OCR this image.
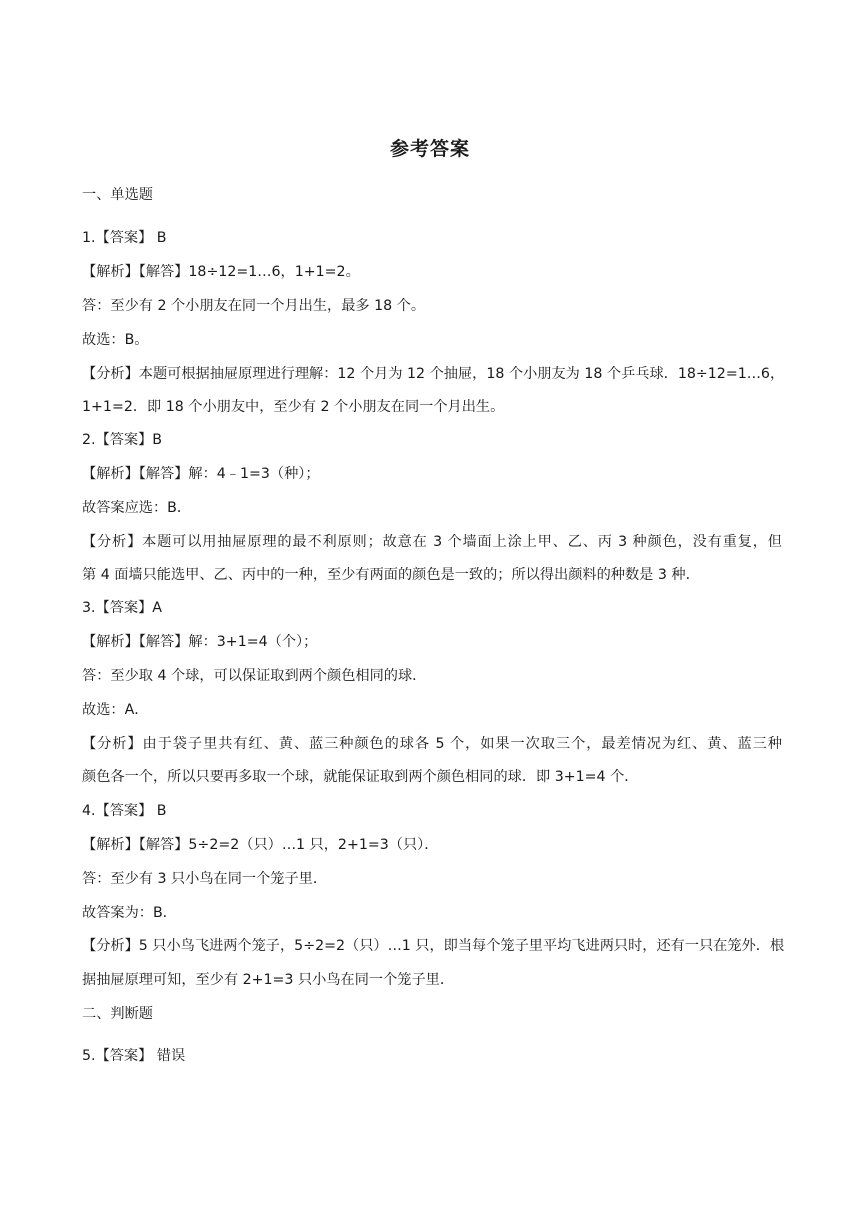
参考答案
一、单选题
1.【答案】 B
【解析】【解答】18÷12=1…6，1+1=2。
答：至少有 2 个小朋友在同一个月出生，最多 18 个。
故选：B。
【分析】本题可根据抽屉原理进行理解：12 个月为 12 个抽屉，18 个小朋友为 18 个乒乓球．18÷12=1…6，
1+1=2．即 18 个小朋友中，至少有 2 个小朋友在同一个月出生。
2.【答案】B
【解析】【解答】解：4﹣1=3（种）；
故答案应选：B．
【分析】本题可以用抽屉原理的最不利原则；故意在 3 个墙面上涂上甲、乙、丙 3 种颜色，没有重复，但
第 4 面墙只能选甲、乙、丙中的一种，至少有两面的颜色是一致的；所以得出颜料的种数是 3 种．
3.【答案】A
【解析】【解答】解：3+1=4（个）；
答：至少取 4 个球，可以保证取到两个颜色相同的球．
故选：A．
【分析】由于袋子里共有红、黄、蓝三种颜色的球各 5 个，如果一次取三个，最差情况为红、黄、蓝三种
颜色各一个，所以只要再多取一个球，就能保证取到两个颜色相同的球．即 3+1=4 个．
4.【答案】 B
【解析】【解答】5÷2=2（只）…1 只，2+1=3（只）．
答：至少有 3 只小鸟在同一个笼子里．
故答案为：B．
【分析】5 只小鸟飞进两个笼子，5÷2=2（只）…1 只，即当每个笼子里平均飞进两只时，还有一只在笼外．根
据抽屉原理可知，至少有 2+1=3 只小鸟在同一个笼子里．
二、判断题
5.【答案】 错误
